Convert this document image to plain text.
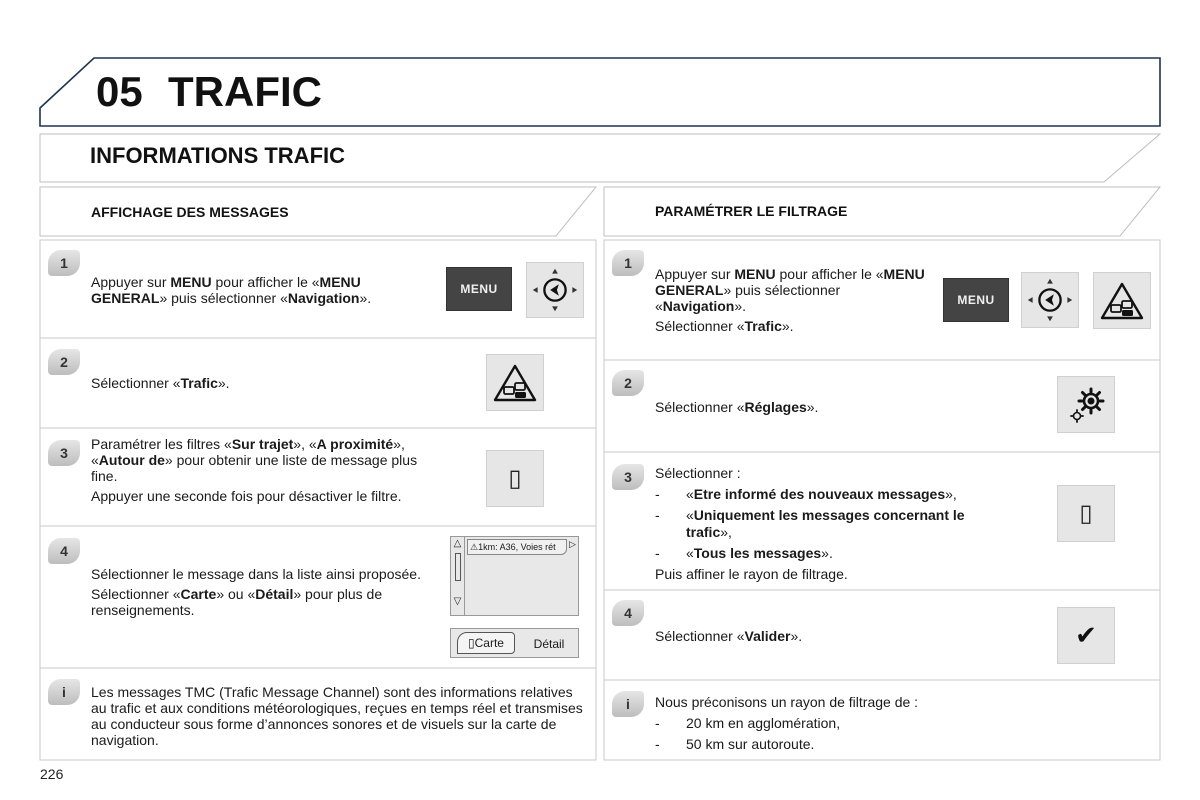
05 TRAFIC
INFORMATIONS TRAFIC
AFFICHAGE DES MESSAGES	PARAMÉTRER LE FILTRAGE
1
Appuyer sur MENU pour afficher le «MENU GENERAL» puis sélectionner «Navigation».
MENU
2
Sélectionner «Trafic».
3

Paramétrer les filtres «Sur trajet», «A proximité», «Autour de» pour obtenir une liste de message plus fine.

Appuyer une seconde fois pour désactiver le filtre.

▯
4

Sélectionner le message dans la liste ainsi proposée.

Sélectionner «Carte» ou «Détail» pour plus de renseignements.

△
▽
⚠1km: A36, Voies rét	▷
▯Carte	Détail
i	Les messages TMC (Trafic Message Channel) sont des informations relatives au trafic et aux conditions météorologiques, reçues en temps réel et transmises au conducteur sous forme d’annonces sonores et de visuels sur la carte de navigation.
1

Appuyer sur MENU pour afficher le «MENU GENERAL» puis sélectionner «Navigation».

Sélectionner «Trafic».

MENU
2
Sélectionner «Réglages».
3	Sélectionner :

-	«Etre informé des nouveaux messages»,
-	«Uniquement les messages concernant le trafic»,
-	«Tous les messages».

Puis affiner le rayon de filtrage.

▯
4
Sélectionner «Valider».	✔
i	Nous préconisons un rayon de filtrage de :

-	20 km en agglomération,
-	50 km sur autoroute.
226
